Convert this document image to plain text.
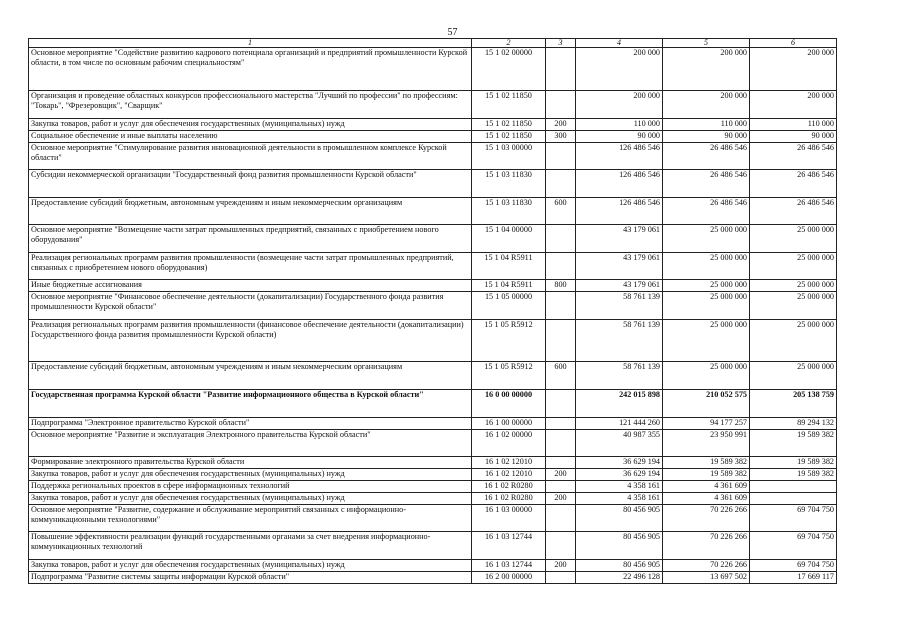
57
1	2	3	4	5	6
Основное мероприятие "Содействие развитию кадрового потенциала организаций и предприятий промышленности Курской области, в том числе по основным рабочим специальностям"	15 1 02 00000		200 000	200 000	200 000
Организация и проведение областных конкурсов профессионального мастерства "Лучший по профессии" по профессиям: "Токарь", "Фрезеровщик", "Сварщик"	15 1 02 11850		200 000	200 000	200 000
Закупка товаров, работ и услуг для обеспечения государственных (муниципальных) нужд	15 1 02 11850	200	110 000	110 000	110 000
Социальное обеспечение и иные выплаты населению	15 1 02 11850	300	90 000	90 000	90 000
Основное мероприятие "Стимулирование развития инновационной деятельности в промышленном комплексе Курской области"	15 1 03 00000		126 486 546	26 486 546	26 486 546
Субсидии некоммерческой организации "Государственный фонд развития промышленности Курской области"	15 1 03 11830		126 486 546	26 486 546	26 486 546
Предоставление субсидий бюджетным, автономным учреждениям и иным некоммерческим организациям	15 1 03 11830	600	126 486 546	26 486 546	26 486 546
Основное мероприятие "Возмещение части затрат промышленных предприятий, связанных с приобретением нового оборудования"	15 1 04 00000		43 179 061	25 000 000	25 000 000
Реализация региональных программ развития промышленности (возмещение части затрат промышленных предприятий, связанных с приобретением нового оборудования)	15 1 04 R5911		43 179 061	25 000 000	25 000 000
Иные бюджетные ассигнования	15 1 04 R5911	800	43 179 061	25 000 000	25 000 000
Основное мероприятие "Финансовое обеспечение деятельности (докапитализации) Государственного фонда развития промышленности Курской области"	15 1 05 00000		58 761 139	25 000 000	25 000 000
Реализация региональных программ развития промышленности (финансовое обеспечение деятельности (докапитализации) Государственного фонда развития промышленности Курской области)	15 1 05 R5912		58 761 139	25 000 000	25 000 000
Предоставление субсидий бюджетным, автономным учреждениям и иным некоммерческим организациям	15 1 05 R5912	600	58 761 139	25 000 000	25 000 000
Государственная программа Курской области "Развитие информационного общества в Курской области"	16 0 00 00000		242 015 898	210 052 575	205 138 759
Подпрограмма "Электронное правительство Курской области"	16 1 00 00000		121 444 260	94 177 257	89 294 132
Основное мероприятие "Развитие и эксплуатация Электронного правительства Курской области"	16 1 02 00000		40 987 355	23 950 991	19 589 382
Формирование электронного правительства Курской области	16 1 02 12010		36 629 194	19 589 382	19 589 382
Закупка товаров, работ и услуг для обеспечения государственных (муниципальных) нужд	16 1 02 12010	200	36 629 194	19 589 382	19 589 382
Поддержка региональных проектов в сфере информационных технологий	16 1 02 R0280		4 358 161	4 361 609	
Закупка товаров, работ и услуг для обеспечения государственных (муниципальных) нужд	16 1 02 R0280	200	4 358 161	4 361 609	
Основное мероприятие "Развитие, содержание и обслуживание мероприятий связанных с информационно-коммуникационными технологиями"	16 1 03 00000		80 456 905	70 226 266	69 704 750
Повышение эффективности реализации функций государственными органами за счет внедрения информационно-коммуникационных технологий	16 1 03 12744		80 456 905	70 226 266	69 704 750
Закупка товаров, работ и услуг для обеспечения государственных (муниципальных) нужд	16 1 03 12744	200	80 456 905	70 226 266	69 704 750
Подпрограмма "Развитие системы защиты информации Курской области"	16 2 00 00000		22 496 128	13 697 502	17 669 117
